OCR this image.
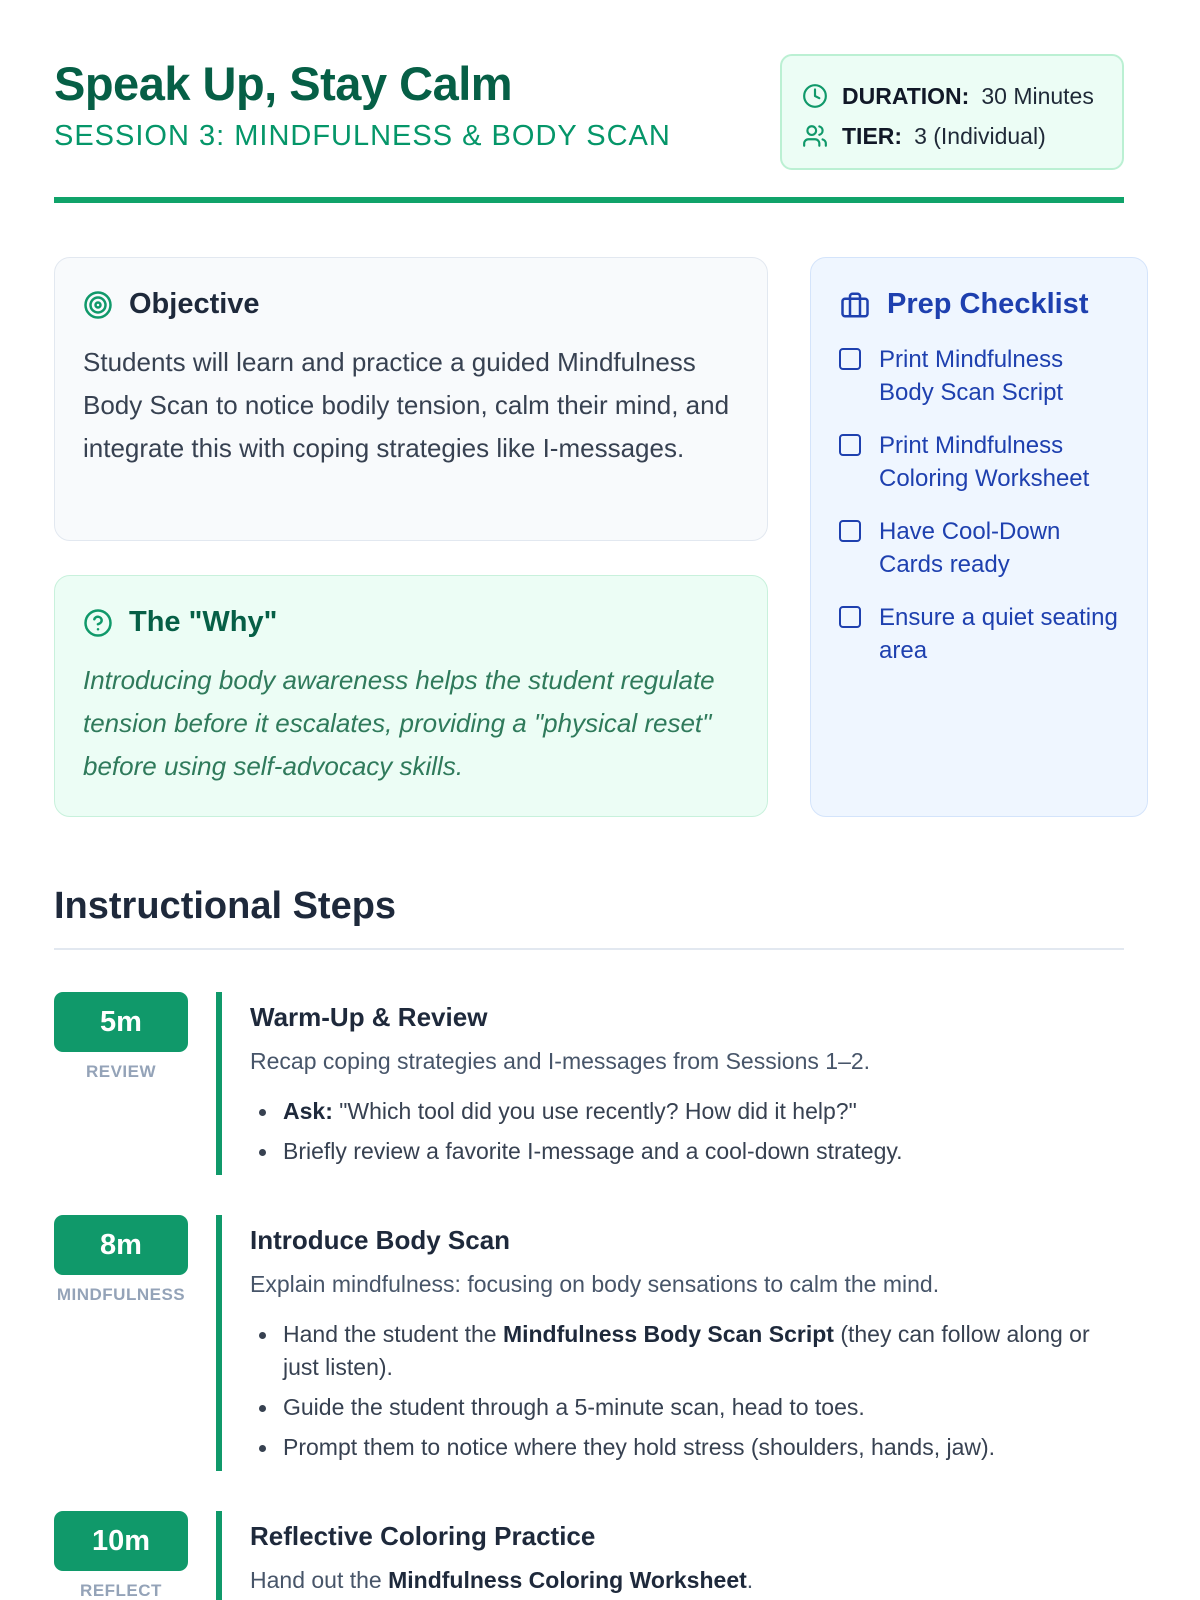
Speak Up, Stay Calm
SESSION 3: MINDFULNESS & BODY SCAN
DURATION: 30 Minutes
TIER: 3 (Individual)
Objective

Students will learn and practice a guided Mindfulness Body Scan to notice bodily tension, calm their mind, and integrate this with coping strategies like I-messages.

The "Why"

Introducing body awareness helps the student regulate tension before it escalates, providing a "physical reset" before using self-advocacy skills.

Prep Checklist
Print Mindfulness Body Scan Script
Print Mindfulness Coloring Worksheet
Have Cool-Down Cards ready
Ensure a quiet seating area
Instructional Steps
5m
REVIEW
Warm-Up & Review
Recap coping strategies and I-messages from Sessions 1–2.
Ask: "Which tool did you use recently? How did it help?"
Briefly review a favorite I-message and a cool-down strategy.
8m
MINDFULNESS
Introduce Body Scan
Explain mindfulness: focusing on body sensations to calm the mind.
Hand the student the Mindfulness Body Scan Script (they can follow along or just listen).
Guide the student through a 5-minute scan, head to toes.
Prompt them to notice where they hold stress (shoulders, hands, jaw).
10m
REFLECT
Reflective Coloring Practice
Hand out the Mindfulness Coloring Worksheet.
